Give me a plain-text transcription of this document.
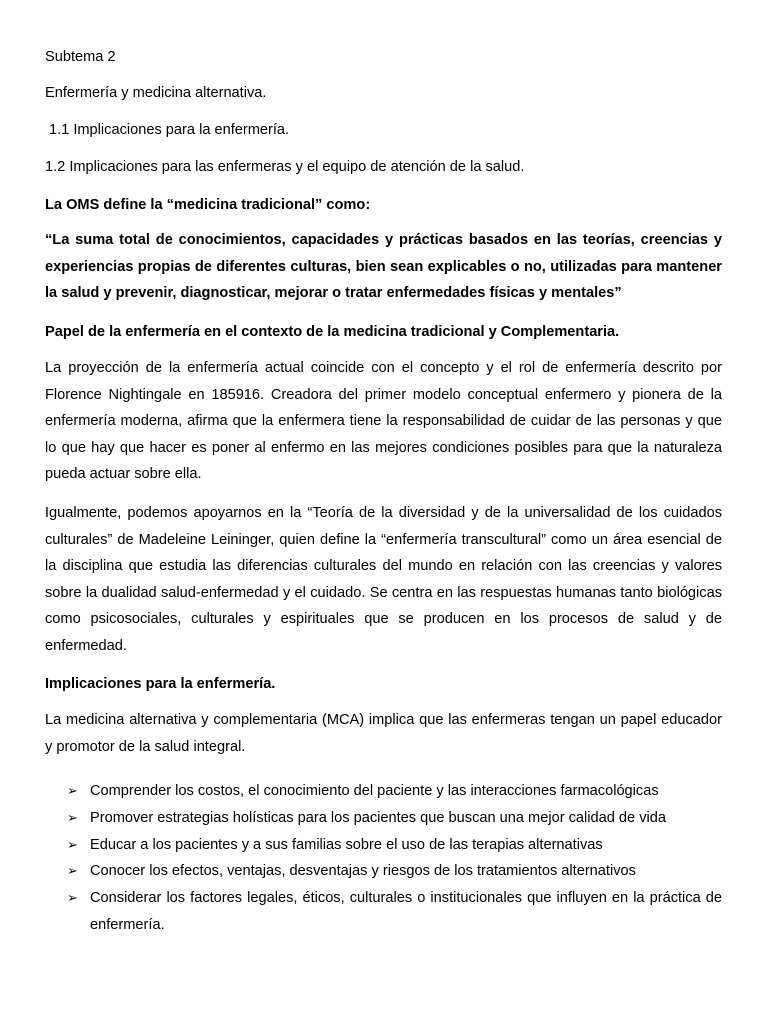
Subtema 2

Enfermería y medicina alternativa.

1.1 Implicaciones para la enfermería.

1.2 Implicaciones para las enfermeras y el equipo de atención de la salud.

La OMS define la “medicina tradicional” como:

“La suma total de conocimientos, capacidades y prácticas basados en las teorías, creencias y experiencias propias de diferentes culturas, bien sean explicables o no, utilizadas para mantener la salud y prevenir, diagnosticar, mejorar o tratar enfermedades físicas y mentales”

Papel de la enfermería en el contexto de la medicina tradicional y Complementaria.

La proyección de la enfermería actual coincide con el concepto y el rol de enfermería descrito por Florence Nightingale en 185916. Creadora del primer modelo conceptual enfermero y pionera de la enfermería moderna, afirma que la enfermera tiene la responsabilidad de cuidar de las personas y que lo que hay que hacer es poner al enfermo en las mejores condiciones posibles para que la naturaleza pueda actuar sobre ella.

Igualmente, podemos apoyarnos en la “Teoría de la diversidad y de la universalidad de los cuidados culturales” de Madeleine Leininger, quien define la “enfermería transcultural” como un área esencial de la disciplina que estudia las diferencias culturales del mundo en relación con las creencias y valores sobre la dualidad salud-enfermedad y el cuidado. Se centra en las respuestas humanas tanto biológicas como psicosociales, culturales y espirituales que se producen en los procesos de salud y de enfermedad.

Implicaciones para la enfermería.

La medicina alternativa y complementaria (MCA) implica que las enfermeras tengan un papel educador y promotor de la salud integral.

➢ Comprender los costos, el conocimiento del paciente y las interacciones farmacológicas
➢ Promover estrategias holísticas para los pacientes que buscan una mejor calidad de vida
➢ Educar a los pacientes y a sus familias sobre el uso de las terapias alternativas
➢ Conocer los efectos, ventajas, desventajas y riesgos de los tratamientos alternativos
➢ Considerar los factores legales, éticos, culturales o institucionales que influyen en la práctica de enfermería.
